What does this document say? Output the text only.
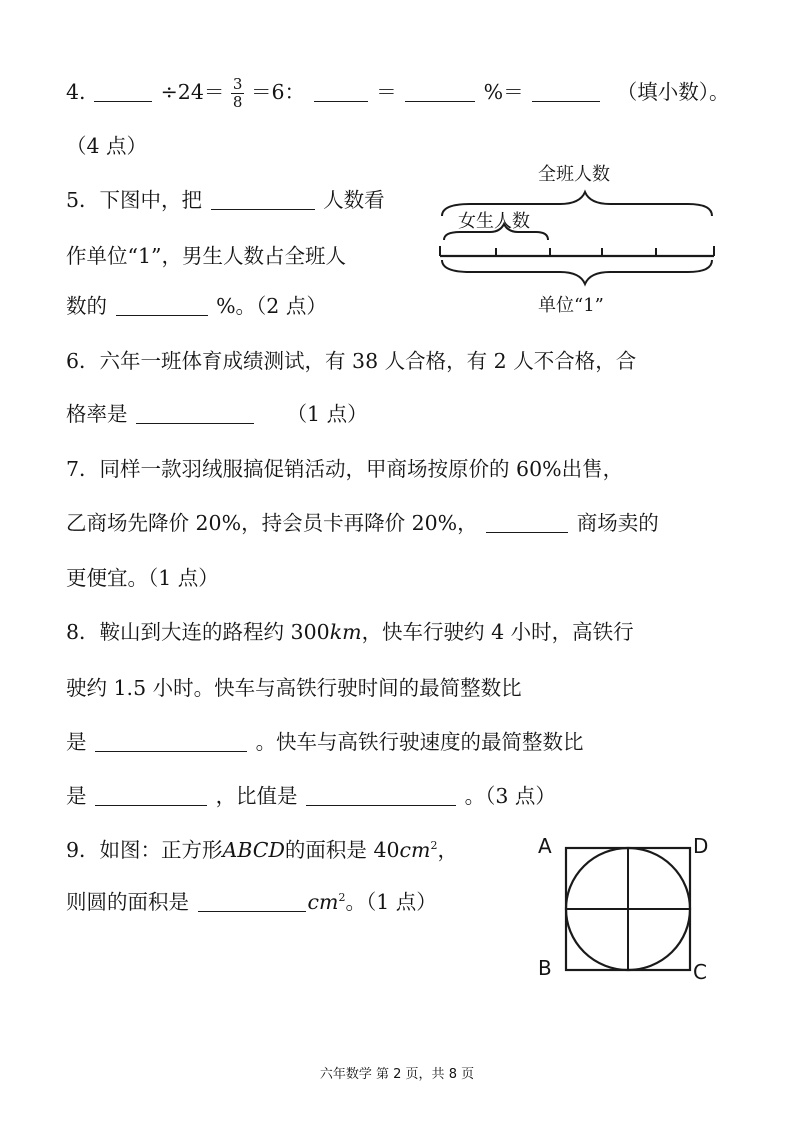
4.	$\div 24= \frac{3}{8} =6$：	＝	%＝	（填小数）。
（4 点）
5．下图中，把	人数看
作单位“1”，男生人数占全班人
数的	%。（2 点）
全班人数
女生人数
单位“1”
6．六年一班体育成绩测试，有 38 人合格，有 2 人不合格，合
格率是	（1 点）
7．同样一款羽绒服搞促销活动，甲商场按原价的 60%出售，
乙商场先降价 20%，持会员卡再降价 20%，	商场卖的
更便宜。（1 点）
8．鞍山到大连的路程约 300km，快车行驶约 4 小时，高铁行
驶约 1.5 小时。快车与高铁行驶时间的最简整数比
是	。快车与高铁行驶速度的最简整数比
是	，比值是	。（3 点）
9．如图：正方形ABCD的面积是 $40cm^2$，
则圆的面积是	$cm^2$。（1 点）
A	D
B	C
六年数学 第 2 页，共 8 页
